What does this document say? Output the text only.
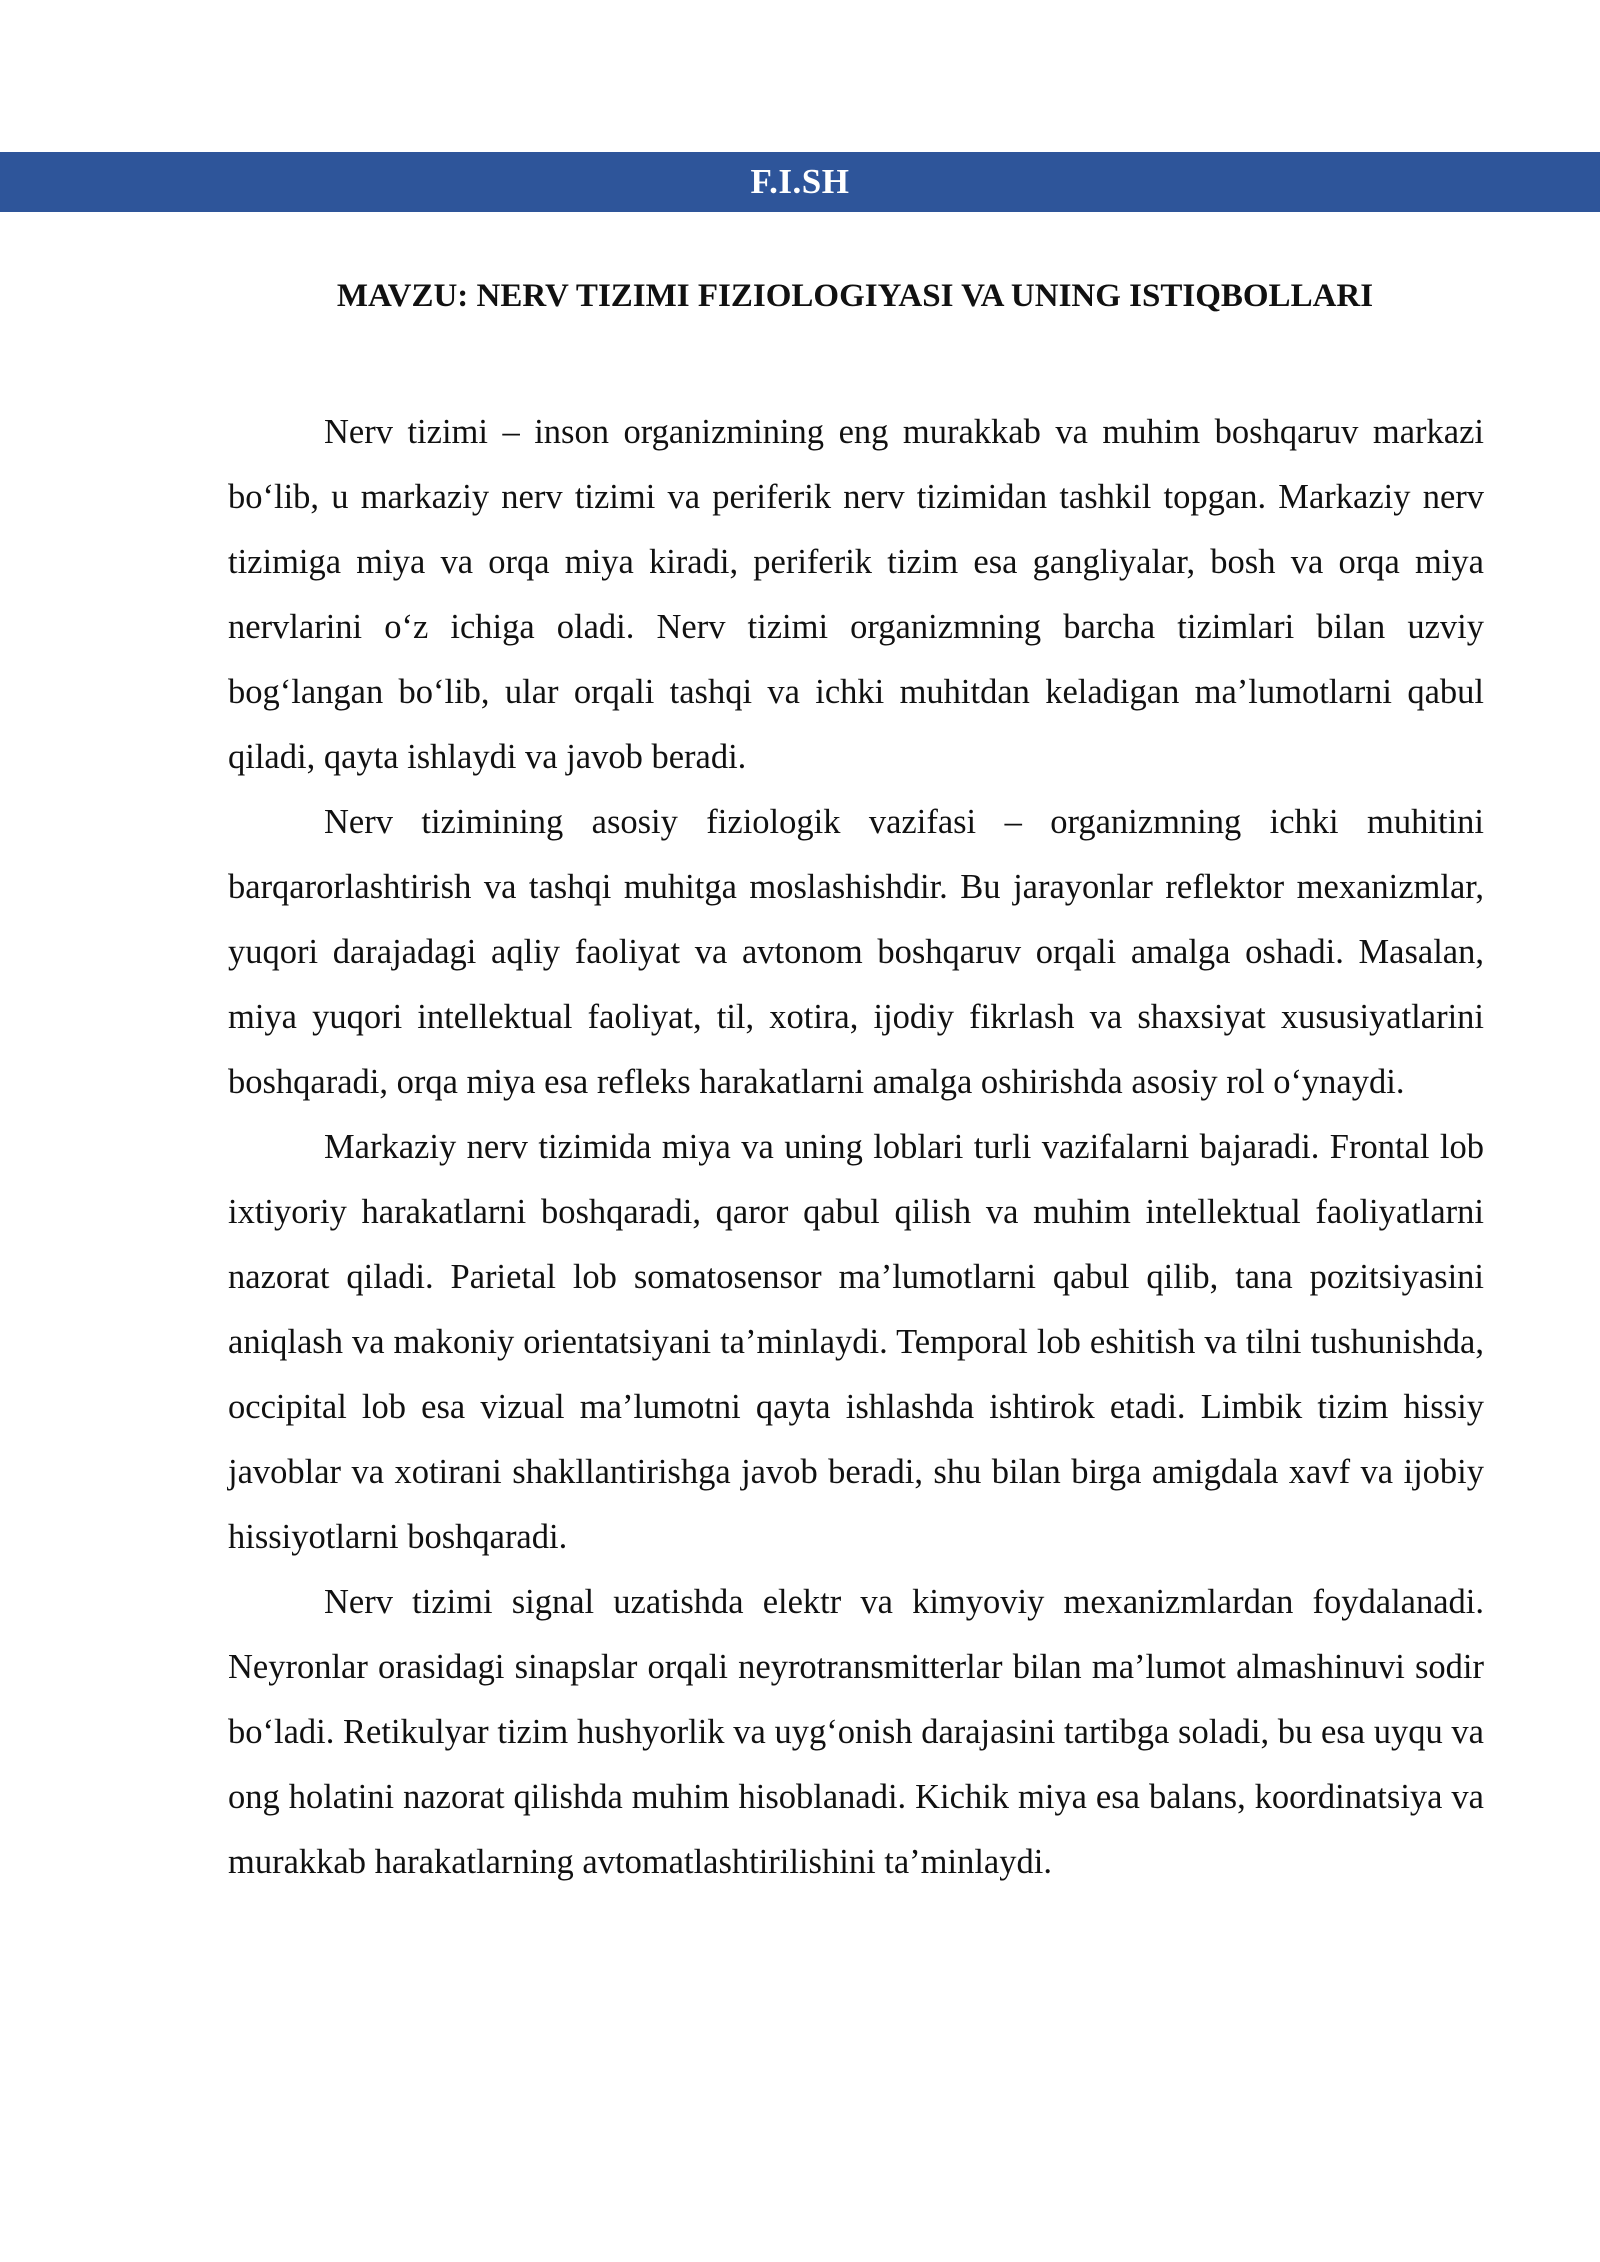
F.I.SH
MAVZU: NERV TIZIMI FIZIOLOGIYASI VA UNING ISTIQBOLLARI

Nerv tizimi – inson organizmining eng murakkab va muhim boshqaruv markazi bo‘lib, u markaziy nerv tizimi va periferik nerv tizimidan tashkil topgan. Markaziy nerv tizimiga miya va orqa miya kiradi, periferik tizim esa gangliyalar, bosh va orqa miya nervlarini o‘z ichiga oladi. Nerv tizimi organizmning barcha tizimlari bilan uzviy bog‘langan bo‘lib, ular orqali tashqi va ichki muhitdan keladigan ma’lumotlarni qabul qiladi, qayta ishlaydi va javob beradi.

Nerv tizimining asosiy fiziologik vazifasi – organizmning ichki muhitini barqarorlashtirish va tashqi muhitga moslashishdir. Bu jarayonlar reflektor mexanizmlar, yuqori darajadagi aqliy faoliyat va avtonom boshqaruv orqali amalga oshadi. Masalan, miya yuqori intellektual faoliyat, til, xotira, ijodiy fikrlash va shaxsiyat xususiyatlarini boshqaradi, orqa miya esa refleks harakatlarni amalga oshirishda asosiy rol o‘ynaydi.

Markaziy nerv tizimida miya va uning loblari turli vazifalarni bajaradi. Frontal lob ixtiyoriy harakatlarni boshqaradi, qaror qabul qilish va muhim intellektual faoliyatlarni nazorat qiladi. Parietal lob somatosensor ma’lumotlarni qabul qilib, tana pozitsiyasini aniqlash va makoniy orientatsiyani ta’minlaydi. Temporal lob eshitish va tilni tushunishda, occipital lob esa vizual ma’lumotni qayta ishlashda ishtirok etadi. Limbik tizim hissiy javoblar va xotirani shakllantirishga javob beradi, shu bilan birga amigdala xavf va ijobiy hissiyotlarni boshqaradi.

Nerv tizimi signal uzatishda elektr va kimyoviy mexanizmlardan foydalanadi. Neyronlar orasidagi sinapslar orqali neyrotransmitterlar bilan ma’lumot almashinuvi sodir bo‘ladi. Retikulyar tizim hushyorlik va uyg‘onish darajasini tartibga soladi, bu esa uyqu va ong holatini nazorat qilishda muhim hisoblanadi. Kichik miya esa balans, koordinatsiya va murakkab harakatlarning avtomatlashtirilishini ta’minlaydi.
